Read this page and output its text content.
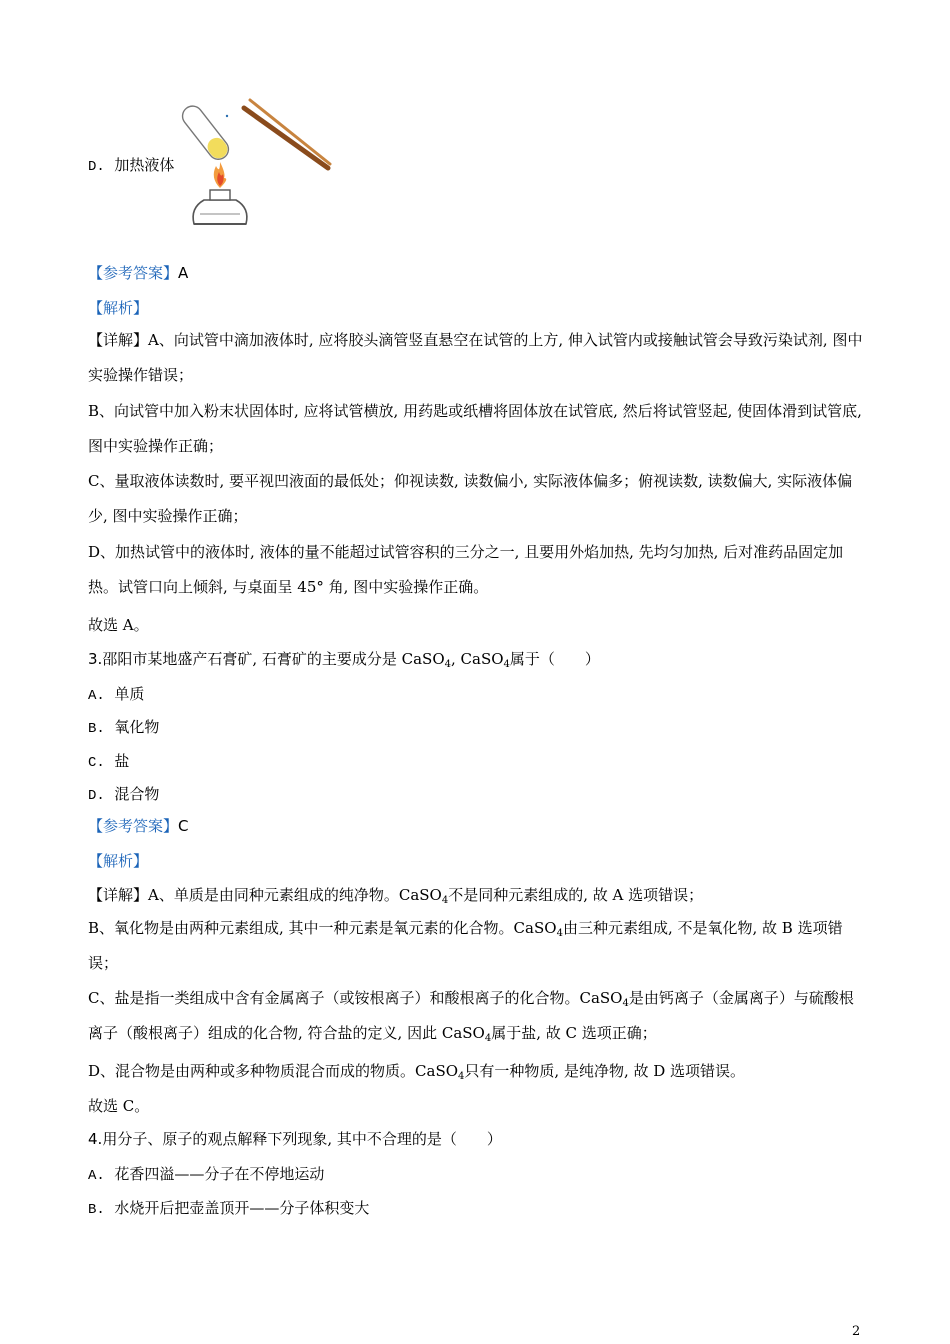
D. 加热液体
【参考答案】A
【解析】
【详解】A、向试管中滴加液体时, 应将胶头滴管竖直悬空在试管的上方, 伸入试管内或接触试管会导致污染试剂, 图中实验操作错误；
B、向试管中加入粉末状固体时, 应将试管横放, 用药匙或纸槽将固体放在试管底, 然后将试管竖起, 使固体滑到试管底, 图中实验操作正确；
C、量取液体读数时, 要平视凹液面的最低处；仰视读数, 读数偏小, 实际液体偏多；俯视读数, 读数偏大, 实际液体偏少, 图中实验操作正确；
D、加热试管中的液体时, 液体的量不能超过试管容积的三分之一, 且要用外焰加热, 先均匀加热, 后对准药品固定加热。试管口向上倾斜, 与桌面呈 45° 角, 图中实验操作正确。
故选 A。
3.邵阳市某地盛产石膏矿, 石膏矿的主要成分是 CaSO$_4$, CaSO$_4$属于（　　）
A. 单质
B. 氧化物
C. 盐
D. 混合物
【参考答案】C
【解析】
【详解】A、单质是由同种元素组成的纯净物。CaSO$_4$不是同种元素组成的, 故 A 选项错误；
B、氧化物是由两种元素组成, 其中一种元素是氧元素的化合物。CaSO$_4$由三种元素组成, 不是氧化物, 故 B 选项错误；
C、盐是指一类组成中含有金属离子（或铵根离子）和酸根离子的化合物。CaSO$_4$是由钙离子（金属离子）与硫酸根离子（酸根离子）组成的化合物, 符合盐的定义, 因此 CaSO$_4$属于盐, 故 C 选项正确；
D、混合物是由两种或多种物质混合而成的物质。CaSO$_4$只有一种物质, 是纯净物, 故 D 选项错误。
故选 C。
4.用分子、原子的观点解释下列现象, 其中不合理的是（　　）
A. 花香四溢——分子在不停地运动
B. 水烧开后把壶盖顶开——分子体积变大
2
